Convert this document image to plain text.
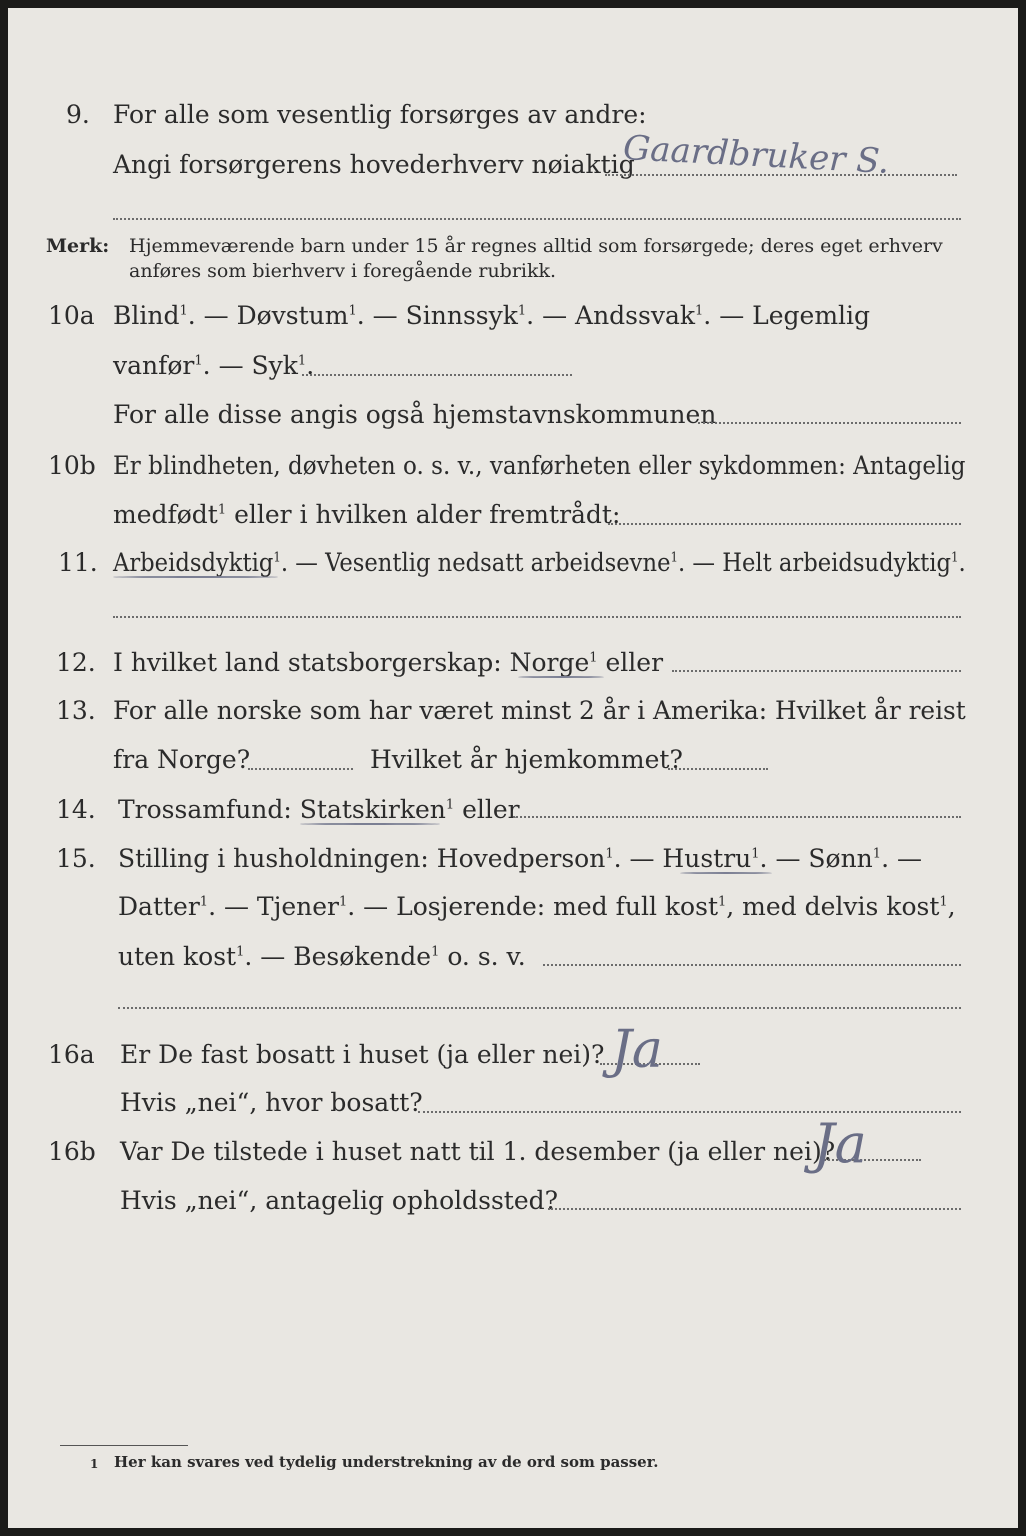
9. For alle som vesentlig forsørges av andre:
Angi forsørgerens hovederhverv nøiaktig
Gaardbruker S.
Merk: Hjemmeværende barn under 15 år regnes alltid som forsørgede; deres eget erhverv
anføres som bierhverv i foregående rubrikk.
10a Blind$^1$. — Døvstum$^1$. — Sinnssyk$^1$. — Andssvak$^1$. — Legemlig
vanfør$^1$. — Syk$^1$.
For alle disse angis også hjemstavnskommunen
10b Er blindheten, døvheten o. s. v., vanførheten eller sykdommen: Antagelig
medfødt$^1$ eller i hvilken alder fremtrådt:
11. Arbeidsdyktig$^1$. — Vesentlig nedsatt arbeidsevne$^1$. — Helt arbeidsudyktig$^1$.
12. I hvilket land statsborgerskap: Norge$^1$ eller
13. For alle norske som har været minst 2 år i Amerika: Hvilket år reist
fra Norge?	Hvilket år hjemkommet?
14. Trossamfund: Statskirken$^1$ eller
15. Stilling i husholdningen: Hovedperson$^1$. — Hustru$^1$. — Sønn$^1$. —
Datter$^1$. — Tjener$^1$. — Losjerende: med full kost$^1$, med delvis kost$^1$,
uten kost$^1$. — Besøkende$^1$ o. s. v.
16a Er De fast bosatt i huset (ja eller nei)? Ja
Hvis „nei“, hvor bosatt?
16b Var De tilstede i huset natt til 1. desember (ja eller nei)?
Ja
Hvis „nei“, antagelig opholdssted?
1 Her kan svares ved tydelig understrekning av de ord som passer.
